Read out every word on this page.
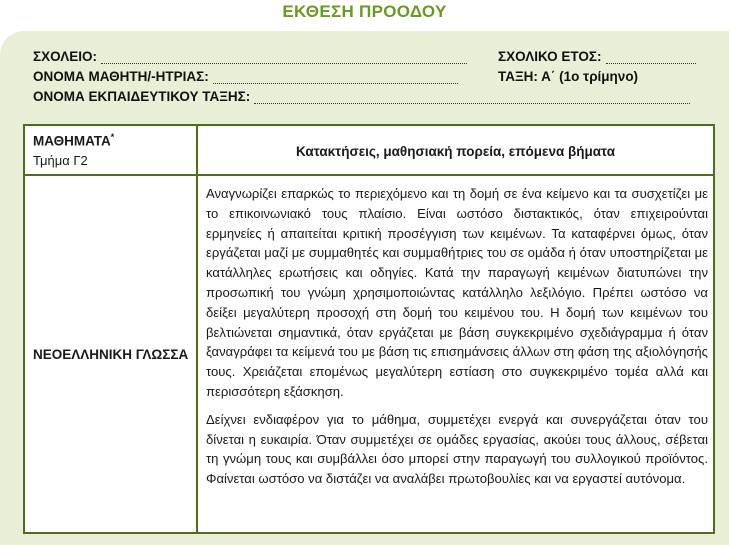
ΕΚΘΕΣΗ ΠΡΟΟΔΟΥ
ΣΧΟΛΕΙΟ:
ΟΝΟΜΑ ΜΑΘΗΤΗ/-ΗΤΡΙΑΣ:
ΟΝΟΜΑ ΕΚΠΑΙΔΕΥΤΙΚΟΥ ΤΑΞΗΣ:
ΣΧΟΛΙΚΟ ΕΤΟΣ:
ΤΑΞΗ: Α΄ (1ο τρίμηνο)
ΜΑΘΗΜΑΤΑ*
Τμήμα Γ2
Κατακτήσεις, μαθησιακή πορεία, επόμενα βήματα
ΝΕΟΕΛΛΗΝΙΚΗ ΓΛΩΣΣΑ

Αναγνωρίζει επαρκώς το περιεχόμενο και τη δομή σε ένα κείμενο και τα συσχετίζει με το επικοινωνιακό τους πλαίσιο. Είναι ωστόσο διστακτικός, όταν επιχειρούνται ερμηνείες ή απαιτείται κριτική προσέγγιση των κειμένων. Τα καταφέρνει όμως, όταν εργάζεται μαζί με συμμαθητές και συμμαθήτριες του σε ομάδα ή όταν υποστηρίζεται με κατάλληλες ερωτήσεις και οδηγίες. Κατά την παραγωγή κειμένων διατυπώνει την προσωπική του γνώμη χρησιμοποιώντας κατάλληλο λεξιλόγιο. Πρέπει ωστόσο να δείξει μεγαλύτερη προσοχή στη δομή του κειμένου του. Η δομή των κειμένων του βελτιώνεται σημαντικά, όταν εργάζεται με βάση συγκεκριμένο σχεδιάγραμμα ή όταν ξαναγράφει τα κείμενά του με βάση τις επισημάνσεις άλλων στη φάση της αξιολόγησής τους. Χρειάζεται επομένως μεγαλύτερη εστίαση στο συγκεκριμένο τομέα αλλά και περισσότερη εξάσκηση.

Δείχνει ενδιαφέρον για το μάθημα, συμμετέχει ενεργά και συνεργάζεται όταν του δίνεται η ευκαιρία. Όταν συμμετέχει σε ομάδες εργασίας, ακούει τους άλλους, σέβεται τη γνώμη τους και συμβάλλει όσο μπορεί στην παραγωγή του συλλογικού προϊόντος. Φαίνεται ωστόσο να διστάζει να αναλάβει πρωτοβουλίες και να εργαστεί αυτόνομα.
